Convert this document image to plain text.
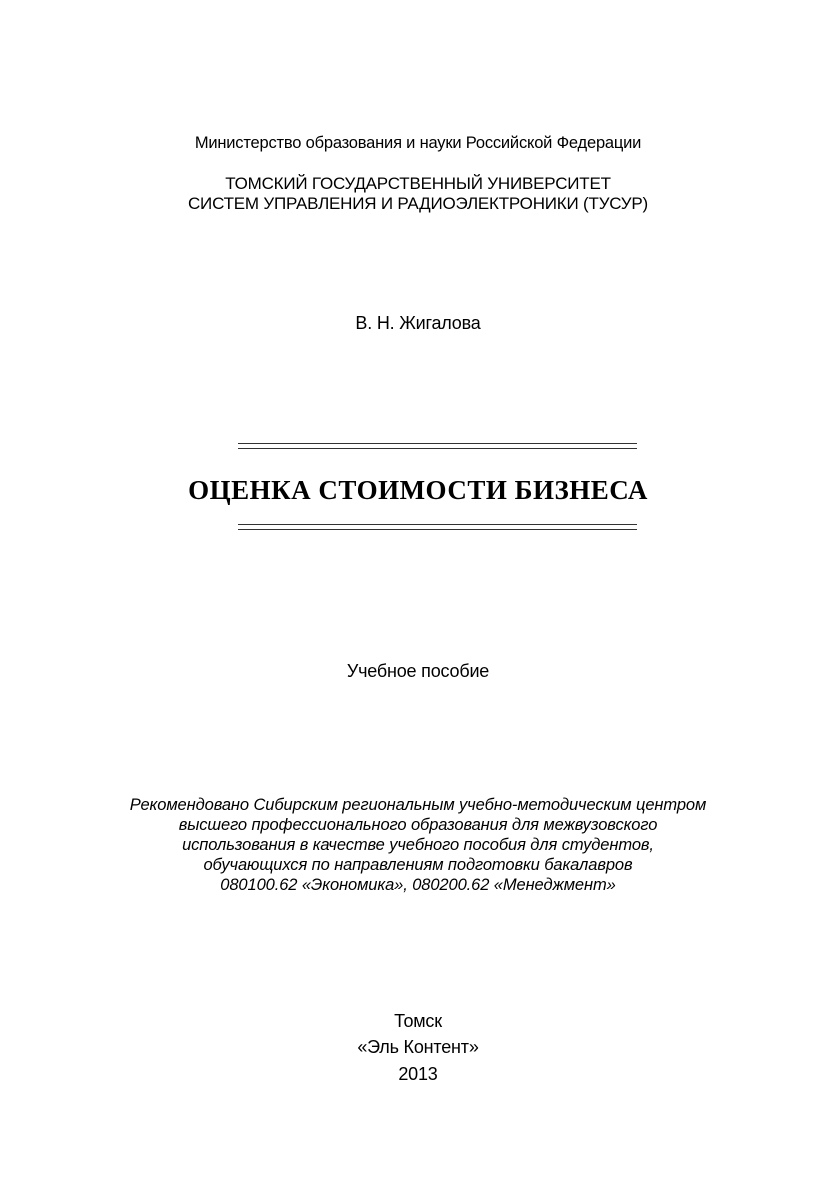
Министерство образования и науки Российской Федерации
ТОМСКИЙ ГОСУДАРСТВЕННЫЙ УНИВЕРСИТЕТ
СИСТЕМ УПРАВЛЕНИЯ И РАДИОЭЛЕКТРОНИКИ (ТУСУР)
В. Н. Жигалова
ОЦЕНКА СТОИМОСТИ БИЗНЕСА
Учебное пособие
Рекомендовано Сибирским региональным учебно-методическим центром
высшего профессионального образования для межвузовского
использования в качестве учебного пособия для студентов,
обучающихся по направлениям подготовки бакалавров
080100.62 «Экономика», 080200.62 «Менеджмент»
Томск
«Эль Контент»
2013
